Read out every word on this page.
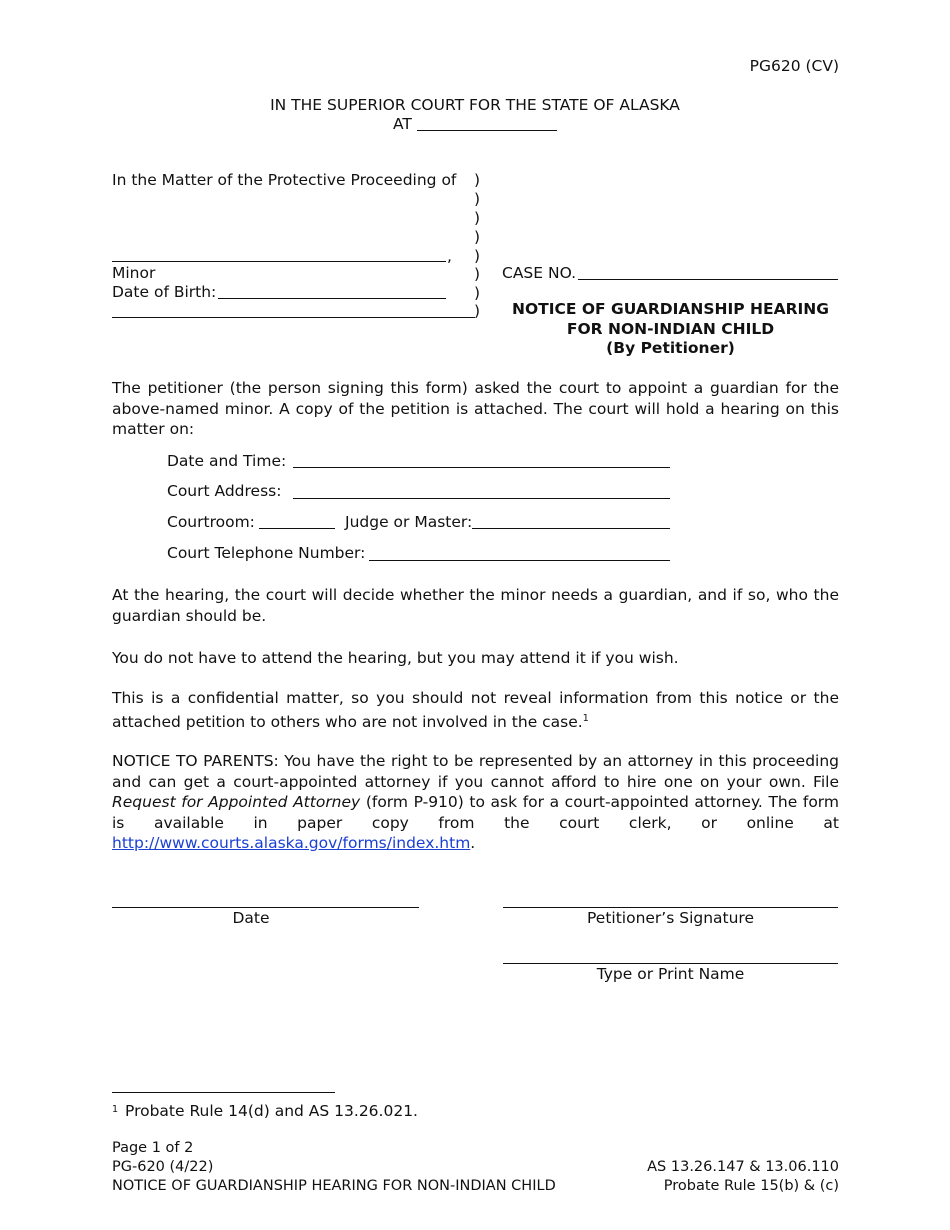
PG620 (CV)
IN THE SUPERIOR COURT FOR THE STATE OF ALASKA
AT
In the Matter of the Protective Proceeding of
,
Minor
Date of Birth:
)
)
)
)
)
)
)
)
CASE NO.
NOTICE OF GUARDIANSHIP HEARING
FOR NON-INDIAN CHILD
(By Petitioner)

The petitioner (the person signing this form) asked the court to appoint a guardian for the above-named minor. A copy of the petition is attached. The court will hold a hearing on this matter on:

Date and Time:
Court Address:
Courtroom:	Judge or Master:
Court Telephone Number:

At the hearing, the court will decide whether the minor needs a guardian, and if so, who the guardian should be.

You do not have to attend the hearing, but you may attend it if you wish.

This is a confidential matter, so you should not reveal information from this notice or the attached petition to others who are not involved in the case.$^1$

NOTICE TO PARENTS: You have the right to be represented by an attorney in this proceeding and can get a court-appointed attorney if you cannot afford to hire one on your own. File Request for Appointed Attorney (form P-910) to ask for a court-appointed attorney. The form is available in paper copy from the court clerk, or online at http://www.courts.alaska.gov/forms/index.htm.

Date	Petitioner’s Signature
Type or Print Name
1 Probate Rule 14(d) and AS 13.26.021.
Page 1 of 2
PG-620 (4/22)
NOTICE OF GUARDIANSHIP HEARING FOR NON-INDIAN CHILD
AS 13.26.147 & 13.06.110
Probate Rule 15(b) & (c)
